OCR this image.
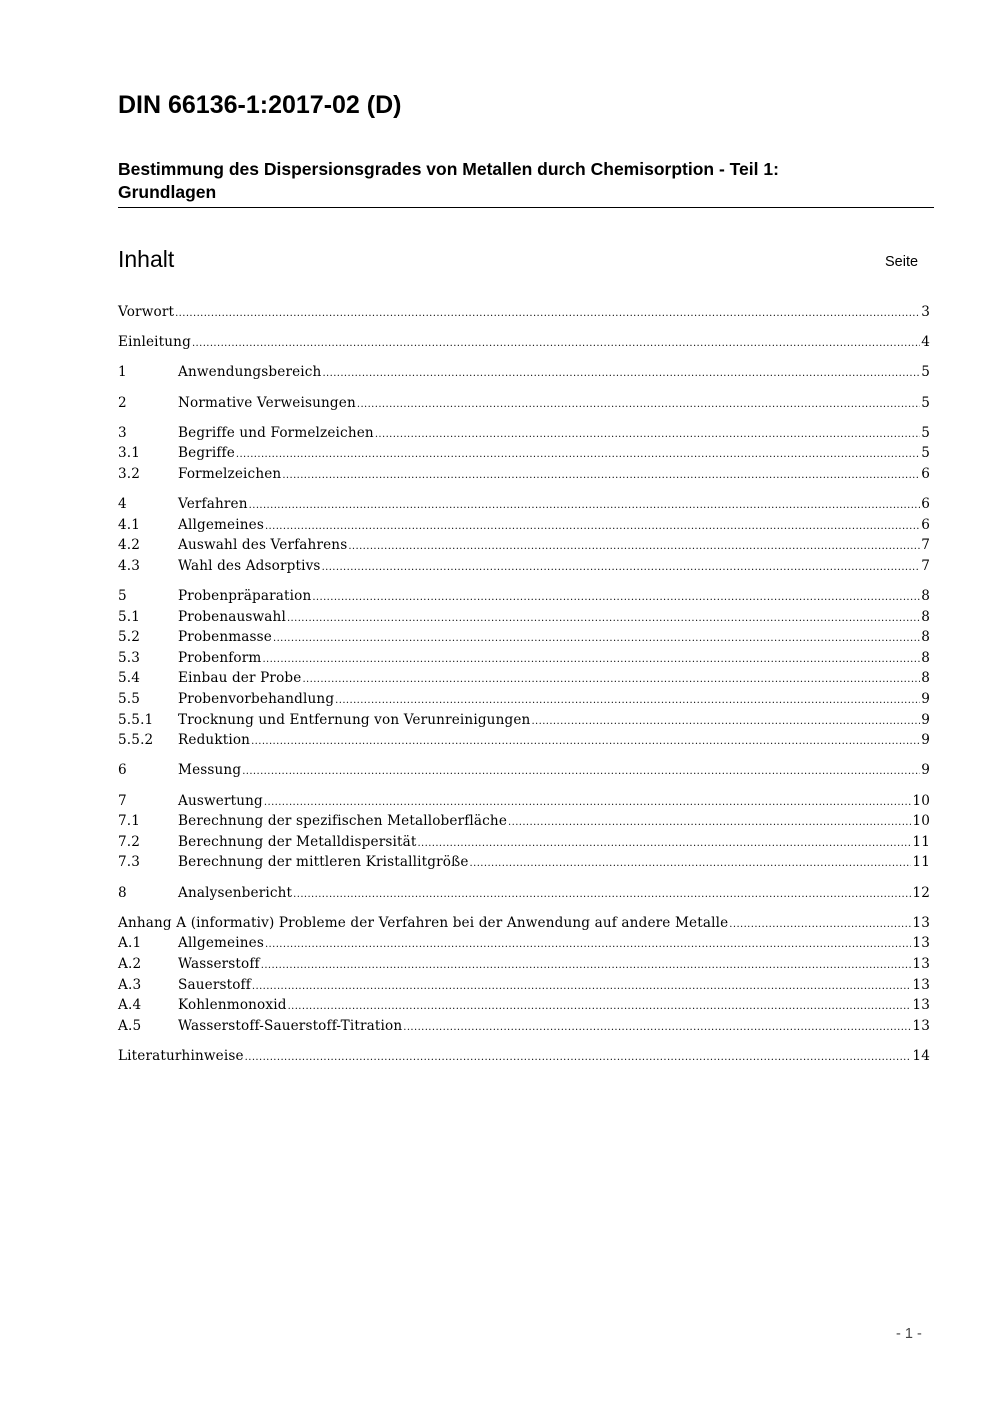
DIN 66136-1:2017-02 (D)
Bestimmung des Dispersionsgrades von Metallen durch Chemisorption - Teil 1:
Grundlagen
Inhalt	Seite
Vorwort .....	3
Einleitung .....	4
1	Anwendungsbereich .....	5
2	Normative Verweisungen .....	5
3	Begriffe und Formelzeichen .....	5
3.1	Begriffe .....	5
3.2	Formelzeichen .....	6
4	Verfahren .....	6
4.1	Allgemeines .....	6
4.2	Auswahl des Verfahrens .....	7
4.3	Wahl des Adsorptivs .....	7
5	Probenpräparation .....	8
5.1	Probenauswahl .....	8
5.2	Probenmasse .....	8
5.3	Probenform .....	8
5.4	Einbau der Probe .....	8
5.5	Probenvorbehandlung .....	9
5.5.1	Trocknung und Entfernung von Verunreinigungen .....	9
5.5.2	Reduktion .....	9
6	Messung .....	9
7	Auswertung .....	10
7.1	Berechnung der spezifischen Metalloberfläche .....	10
7.2	Berechnung der Metalldispersität .....	11
7.3	Berechnung der mittleren Kristallitgröße .....	11
8	Analysenbericht .....	12
Anhang A (informativ) Probleme der Verfahren bei der Anwendung auf andere Metalle .....	13
A.1	Allgemeines .....	13
A.2	Wasserstoff .....	13
A.3	Sauerstoff .....	13
A.4	Kohlenmonoxid .....	13
A.5	Wasserstoff-Sauerstoff-Titration .....	13
Literaturhinweise .....	14
- 1 -
